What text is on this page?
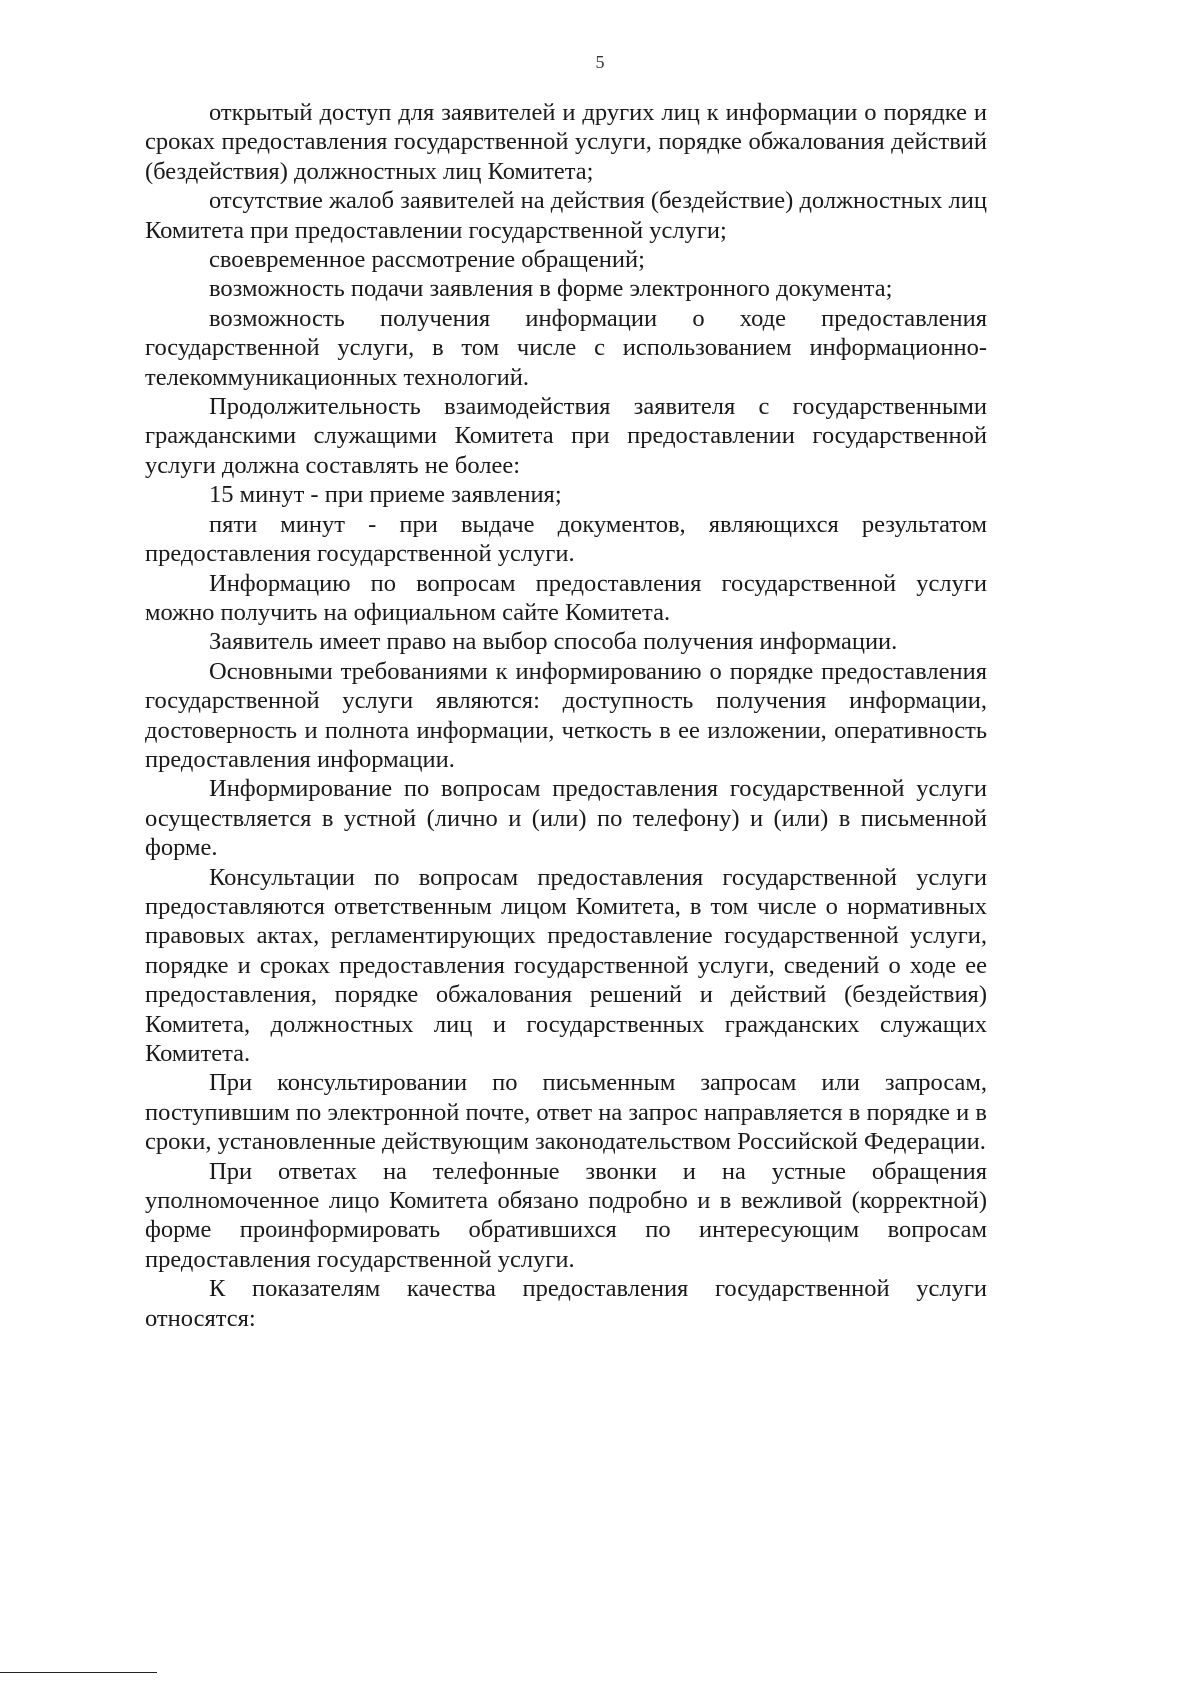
5

открытый доступ для заявителей и других лиц к информации о порядке и сроках предоставления государственной услуги, порядке обжалования действий (бездействия) должностных лиц Комитета;

отсутствие жалоб заявителей на действия (бездействие) должностных лиц Комитета при предоставлении государственной услуги;

своевременное рассмотрение обращений;

возможность подачи заявления в форме электронного документа;

возможность получения информации о ходе предоставления государственной услуги, в том числе с использованием информационно-телекоммуникационных технологий.

Продолжительность взаимодействия заявителя с государственными гражданскими служащими Комитета при предоставлении государственной услуги должна составлять не более:

15 минут - при приеме заявления;

пяти минут - при выдаче документов, являющихся результатом предоставления государственной услуги.

Информацию по вопросам предоставления государственной услуги можно получить на официальном сайте Комитета.

Заявитель имеет право на выбор способа получения информации.

Основными требованиями к информированию о порядке предоставления государственной услуги являются: доступность получения информации, достоверность и полнота информации, четкость в ее изложении, оперативность предоставления информации.

Информирование по вопросам предоставления государственной услуги осуществляется в устной (лично и (или) по телефону) и (или) в письменной форме.

Консультации по вопросам предоставления государственной услуги предоставляются ответственным лицом Комитета, в том числе о нормативных правовых актах, регламентирующих предоставление государственной услуги, порядке и сроках предоставления государственной услуги, сведений о ходе ее предоставления, порядке обжалования решений и действий (бездействия) Комитета, должностных лиц и государственных гражданских служащих Комитета.

При консультировании по письменным запросам или запросам, поступившим по электронной почте, ответ на запрос направляется в порядке и в сроки, установленные действующим законодательством Российской Федерации.

При ответах на телефонные звонки и на устные обращения уполномоченное лицо Комитета обязано подробно и в вежливой (корректной) форме проинформировать обратившихся по интересующим вопросам предоставления государственной услуги.

К показателям качества предоставления государственной услуги относятся:
